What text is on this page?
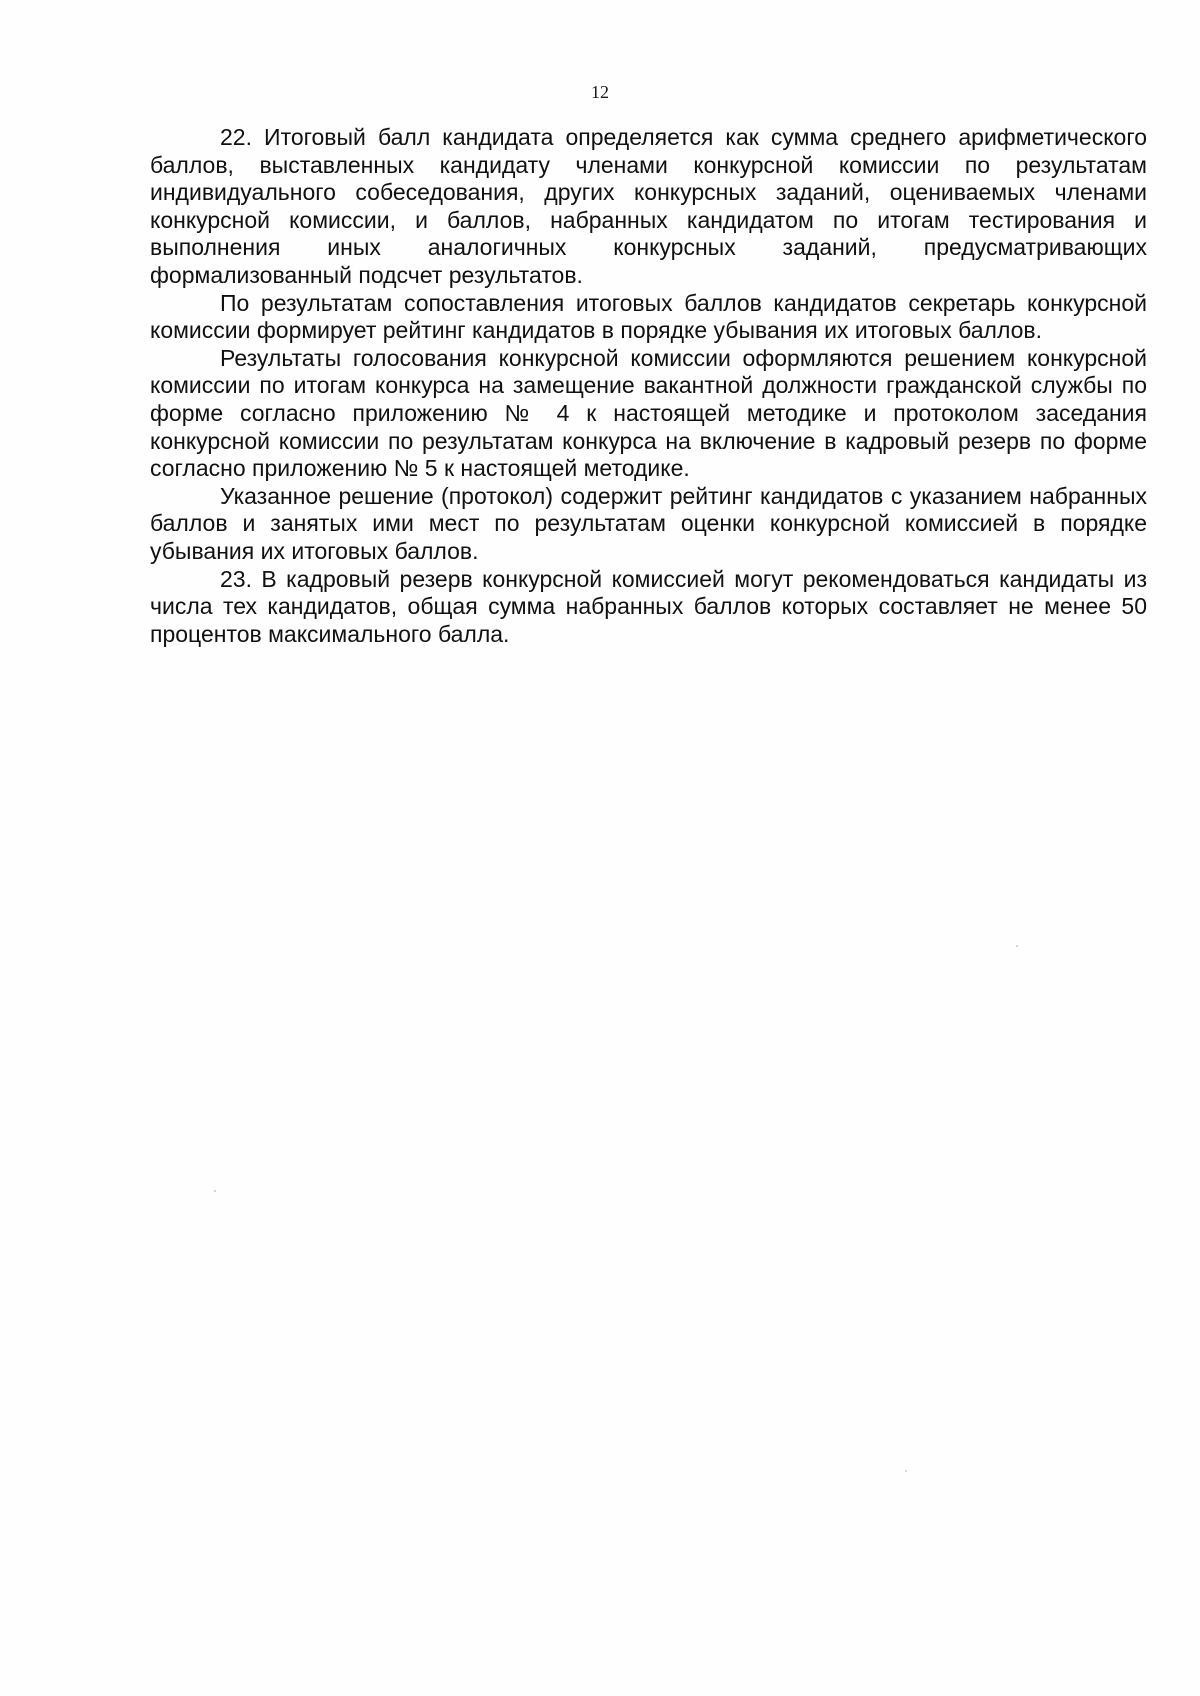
12

22. Итоговый балл кандидата определяется как сумма среднего арифметического баллов, выставленных кандидату членами конкурсной комиссии по результатам индивидуального собеседования, других конкурсных заданий, оцениваемых членами конкурсной комиссии, и баллов, набранных кандидатом по итогам тестирования и выполнения иных аналогичных конкурсных заданий, предусматривающих формализованный подсчет результатов.

По результатам сопоставления итоговых баллов кандидатов секретарь конкурсной комиссии формирует рейтинг кандидатов в порядке убывания их итоговых баллов.

Результаты голосования конкурсной комиссии оформляются решением конкурсной комиссии по итогам конкурса на замещение вакантной должности гражданской службы по форме согласно приложению № 4 к настоящей методике и протоколом заседания конкурсной комиссии по результатам конкурса на включение в кадровый резерв по форме согласно приложению № 5 к настоящей методике.

Указанное решение (протокол) содержит рейтинг кандидатов с указанием набранных баллов и занятых ими мест по результатам оценки конкурсной комиссией в порядке убывания их итоговых баллов.

23. В кадровый резерв конкурсной комиссией могут рекомендоваться кандидаты из числа тех кандидатов, общая сумма набранных баллов которых составляет не менее 50 процентов максимального балла.
